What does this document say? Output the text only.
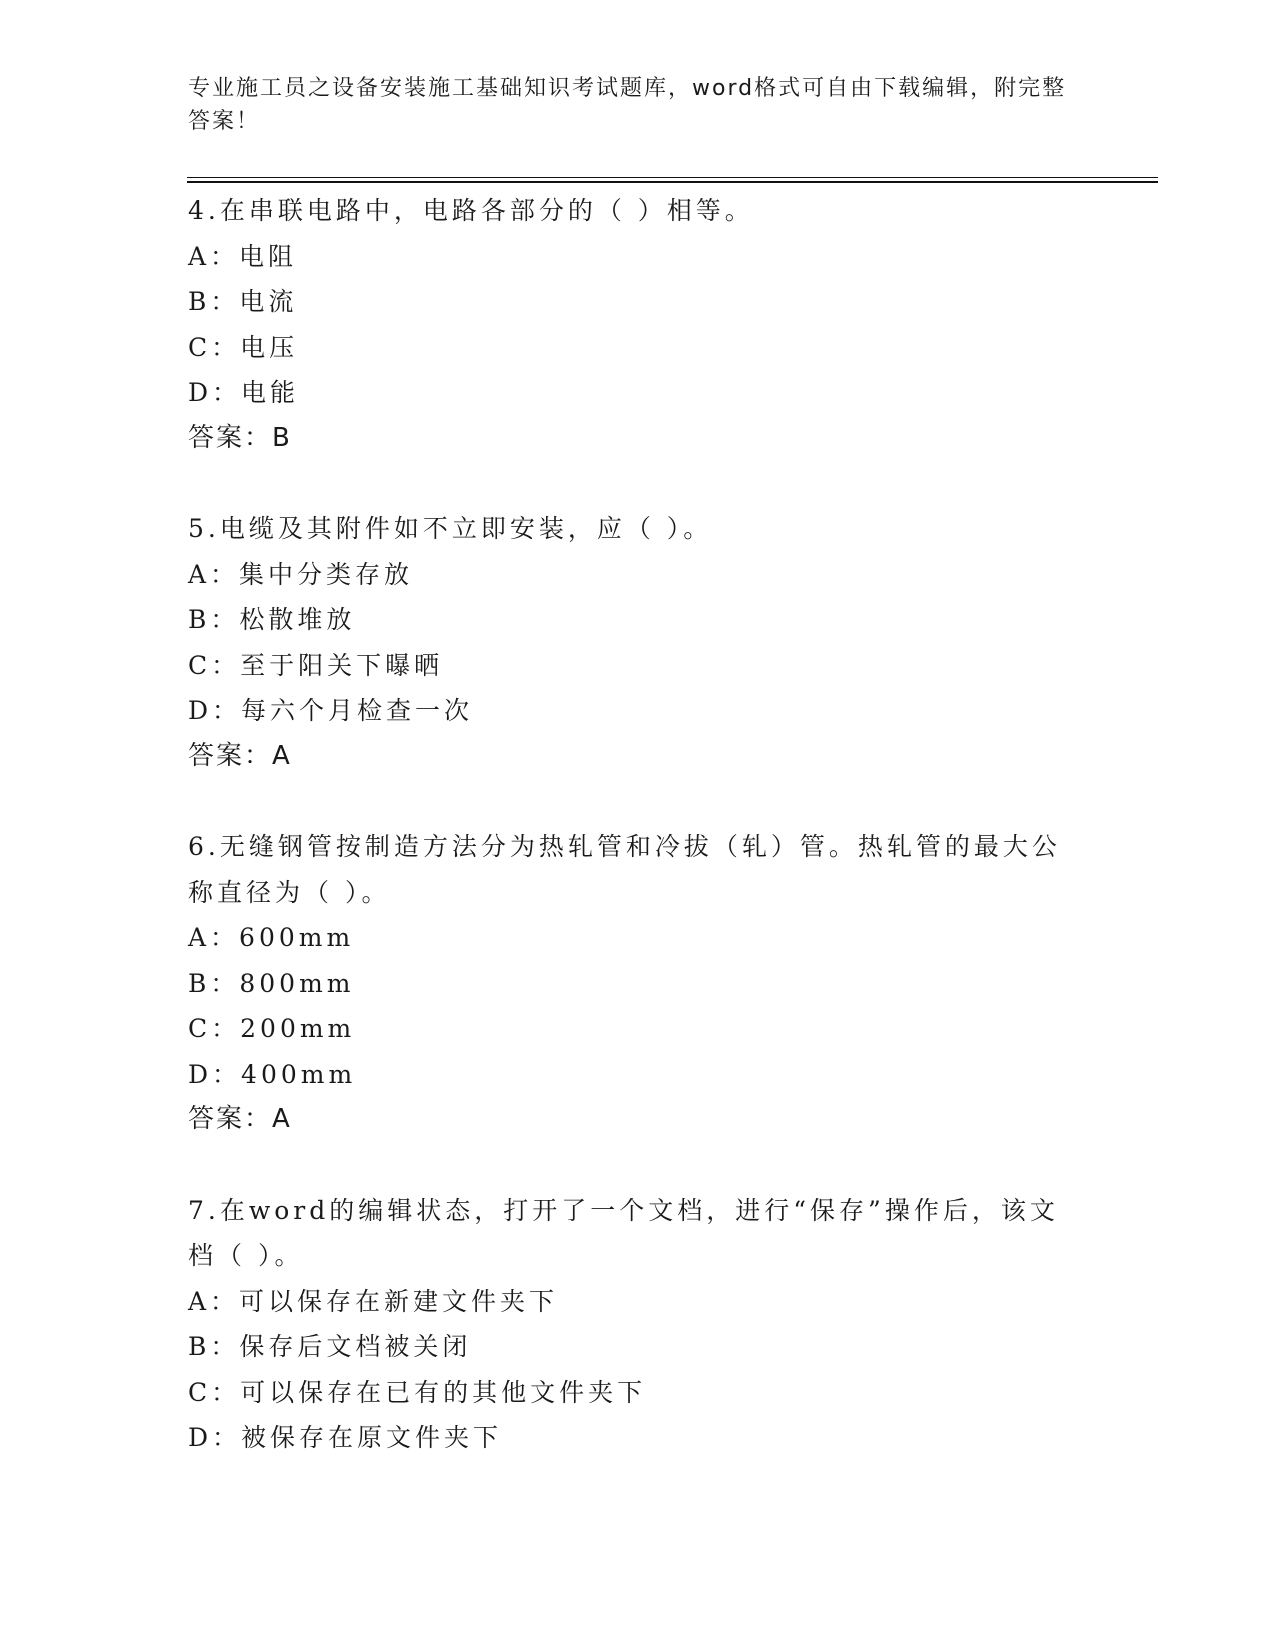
专业施工员之设备安装施工基础知识考试题库，word格式可自由下载编辑，附完整答案！
4.在串联电路中，电路各部分的（ ）相等。
A：电阻
B：电流
C：电压
D：电能
答案：B
5.电缆及其附件如不立即安装，应（ ）。
A：集中分类存放
B：松散堆放
C：至于阳关下曝晒
D：每六个月检查一次
答案：A
6.无缝钢管按制造方法分为热轧管和冷拔（轧）管。热轧管的最大公称直径为（ ）。
A：600mm
B：800mm
C：200mm
D：400mm
答案：A
7.在word的编辑状态，打开了一个文档，进行“保存”操作后，该文档（ ）。
A：可以保存在新建文件夹下
B：保存后文档被关闭
C：可以保存在已有的其他文件夹下
D：被保存在原文件夹下
